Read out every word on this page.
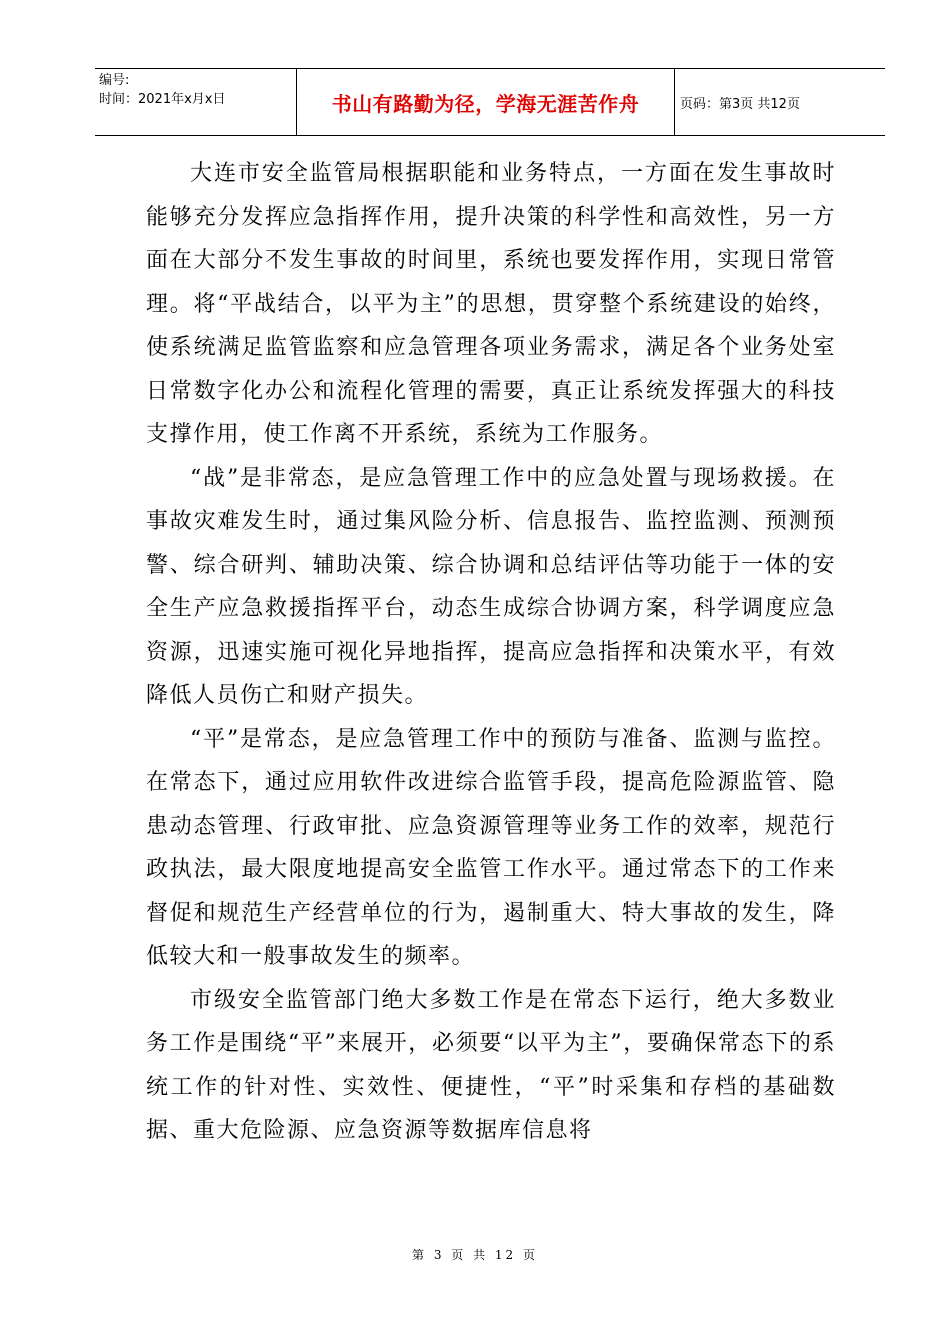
编号:
时间：2021年x月x日	书山有路勤为径，学海无涯苦作舟	页码：第3页 共12页

大连市安全监管局根据职能和业务特点，一方面在发生事故时能够充分发挥应急指挥作用，提升决策的科学性和高效性，另一方面在大部分不发生事故的时间里，系统也要发挥作用，实现日常管理。将“平战结合，以平为主”的思想，贯穿整个系统建设的始终，使系统满足监管监察和应急管理各项业务需求，满足各个业务处室日常数字化办公和流程化管理的需要，真正让系统发挥强大的科技支撑作用，使工作离不开系统，系统为工作服务。

“战”是非常态，是应急管理工作中的应急处置与现场救援。在事故灾难发生时，通过集风险分析、信息报告、监控监测、预测预警、综合研判、辅助决策、综合协调和总结评估等功能于一体的安全生产应急救援指挥平台，动态生成综合协调方案，科学调度应急资源，迅速实施可视化异地指挥，提高应急指挥和决策水平，有效降低人员伤亡和财产损失。

“平”是常态，是应急管理工作中的预防与准备、监测与监控。在常态下，通过应用软件改进综合监管手段，提高危险源监管、隐患动态管理、行政审批、应急资源管理等业务工作的效率，规范行政执法，最大限度地提高安全监管工作水平。通过常态下的工作来督促和规范生产经营单位的行为，遏制重大、特大事故的发生，降低较大和一般事故发生的频率。

市级安全监管部门绝大多数工作是在常态下运行，绝大多数业务工作是围绕“平”来展开，必须要“以平为主”，要确保常态下的系统工作的针对性、实效性、便捷性，“平”时采集和存档的基础数据、重大危险源、应急资源等数据库信息将

第 3 页 共 12 页
